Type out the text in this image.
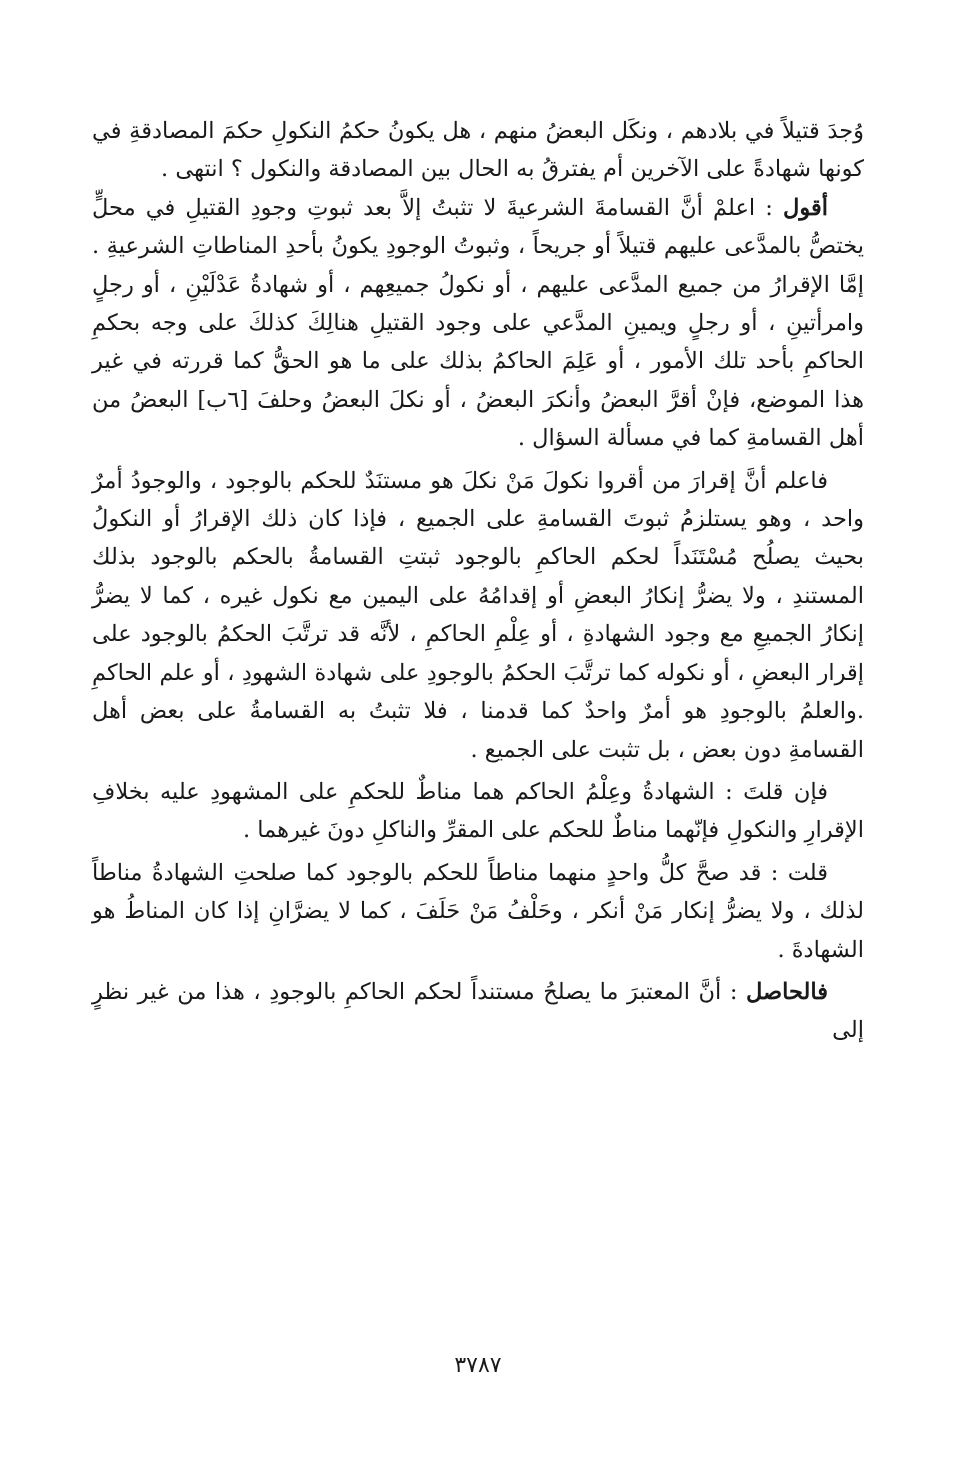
وُجدَ قتيلاً في بلادهم ، ونكَل البعضُ منهم ، هل يكونُ حكمُ النكولِ حكمَ المصادقةِ في كونها شهادةً على الآخرين أم يفترقُ به الحال بين المصادقة والنكول ؟ انتهى .

أقول : اعلمْ أنَّ القسامةَ الشرعيةَ لا تثبتُ إلاَّ بعد ثبوتِ وجودِ القتيلِ في محلٍّ يختصُّ بالمدَّعى عليهم قتيلاً أو جريحاً ، وثبوتُ الوجودِ يكونُ بأحدِ المناطاتِ الشرعيةِ . إمَّا الإقرارُ من جميع المدَّعى عليهم ، أو نكولُ جميعِهم ، أو شهادةُ عَدْلَيْنِ ، أو رجلٍ وامرأتينِ ، أو رجلٍ ويمينِ المدَّعي على وجود القتيلِ هنالِكَ كذلكَ على وجه بحكمِ الحاكمِ بأحد تلك الأمور ، أو عَلِمَ الحاكمُ بذلك على ما هو الحقُّ كما قررته في غير هذا الموضع، فإنْ أقرَّ البعضُ وأنكرَ البعضُ ، أو نكلَ البعضُ وحلفَ [٦ب] البعضُ من أهل القسامةِ كما في مسألة السؤال .

فاعلم أنَّ إقرارَ من أقروا نكولَ مَنْ نكلَ هو مستنَدٌ للحكم بالوجود ، والوجودُ أمرٌ واحد ، وهو يستلزمُ ثبوتَ القسامةِ على الجميع ، فإذا كان ذلك الإقرارُ أو النكولُ بحيث يصلُح مُسْتَنَداً لحكم الحاكمِ بالوجود ثبتتِ القسامةُ بالحكم بالوجود بذلك المستندِ ، ولا يضرُّ إنكارُ البعضِ أو إقدامُهُ على اليمين مع نكول غيره ، كما لا يضرُّ إنكارُ الجميعِ مع وجود الشهادةِ ، أو عِلْمِ الحاكمِ ، لأنَّه قد ترتَّبَ الحكمُ بالوجود على إقرار البعضِ ، أو نكوله كما ترتَّبَ الحكمُ بالوجودِ على شهادة الشهودِ ، أو علم الحاكمِ .والعلمُ بالوجودِ هو أمرٌ واحدٌ كما قدمنا ، فلا تثبتُ به القسامةُ على بعض أهل القسامةِ دون بعض ، بل تثبت على الجميع .

فإن قلتَ : الشهادةُ وعِلْمُ الحاكم هما مناطٌ للحكمِ على المشهودِ عليه بخلافِ الإقرارِ والنكولِ فإنّهما مناطٌ للحكم على المقرِّ والناكلِ دونَ غيرهما .

قلت : قد صحَّ كلُّ واحدٍ منهما مناطاً للحكم بالوجود كما صلحتِ الشهادةُ مناطاً لذلك ، ولا يضرُّ إنكار مَنْ أنكر ، وحَلْفُ مَنْ حَلَفَ ، كما لا يضرَّانِ إذا كان المناطُ هو الشهادةَ .

فالحاصل : أنَّ المعتبرَ ما يصلحُ مستنداً لحكم الحاكمِ بالوجودِ ، هذا من غير نظرٍ إلى

٣٧٨٧
